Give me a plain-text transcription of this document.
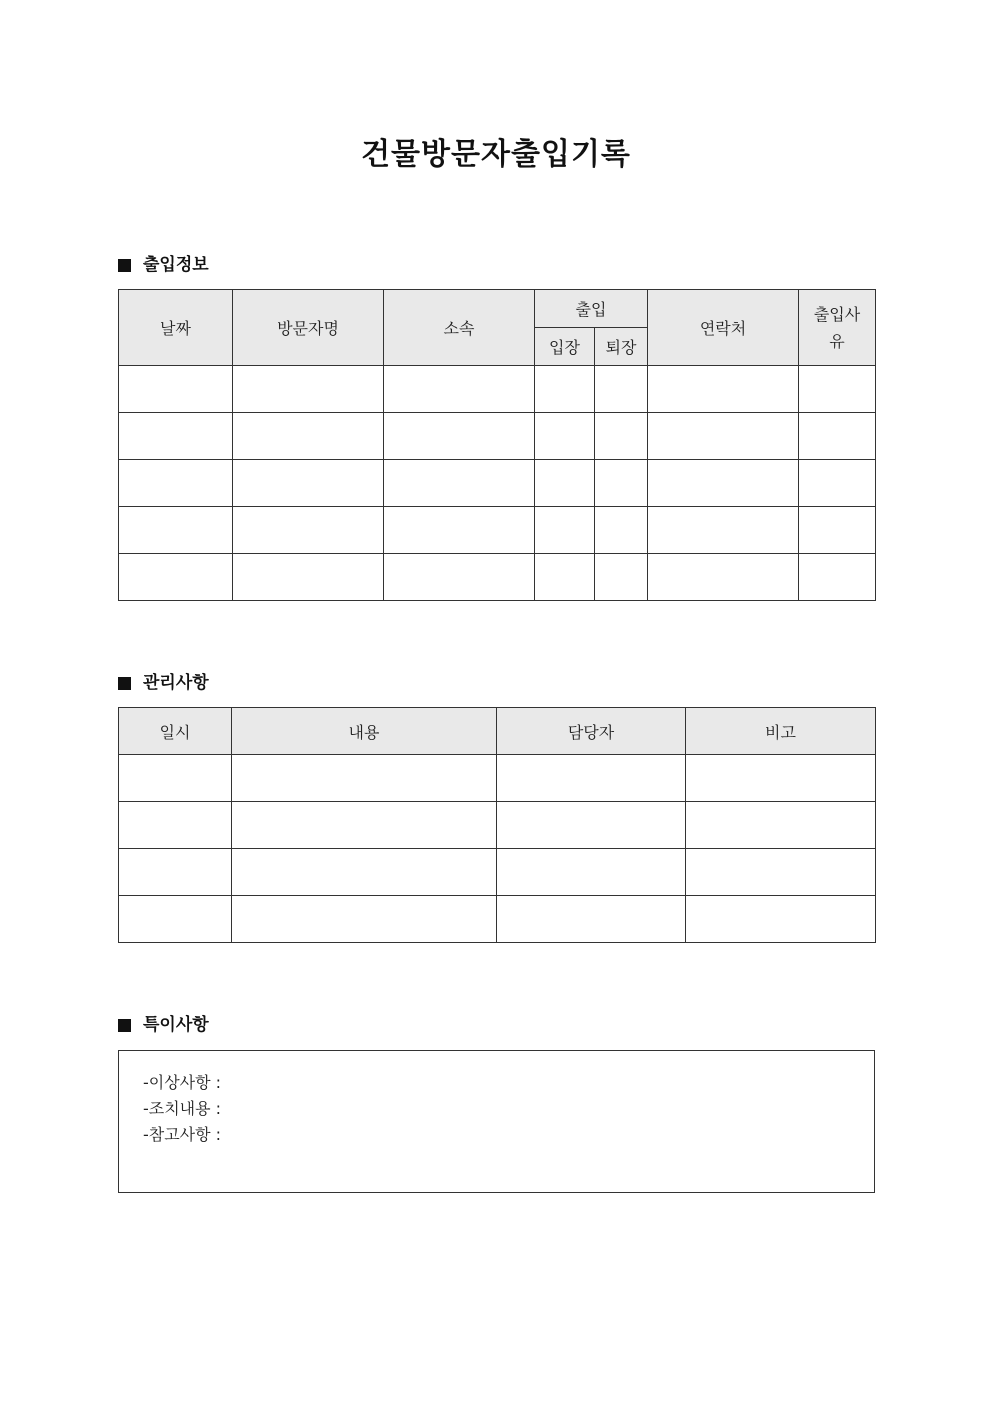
건물방문자출입기록
출입정보
날짜	방문자명	소속	출입		연락처	출입사
유
			입장	퇴장		

관리사항
일시	내용	담당자	비고

특이사항
-이상사항 :
-조치내용 :
-참고사항 :
